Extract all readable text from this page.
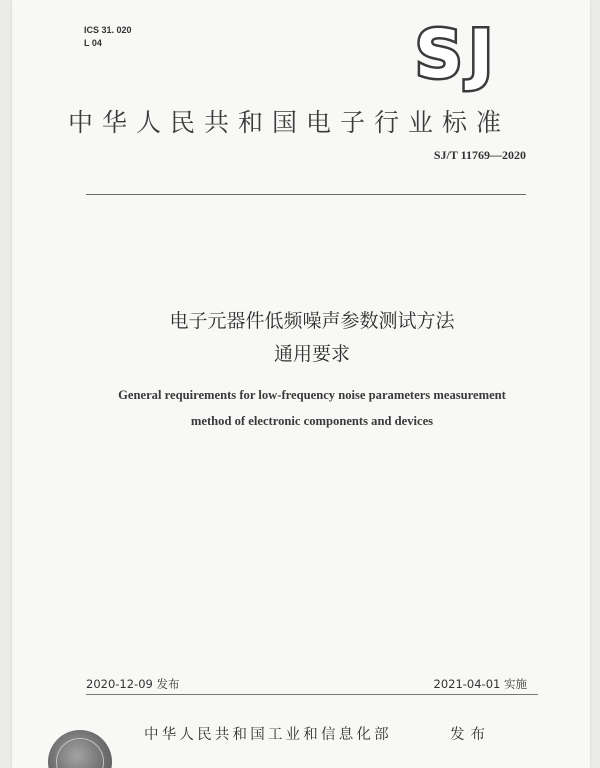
ICS 31. 020
L 04	SJ
中华人民共和国电子行业标准
SJ/T 11769—2020
电子元器件低频噪声参数测试方法
通用要求
General requirements for low-frequency noise parameters measurement
method of electronic components and devices
2020-12-09 发布	2021-04-01 实施
中华人民共和国工业和信息化部	发布
